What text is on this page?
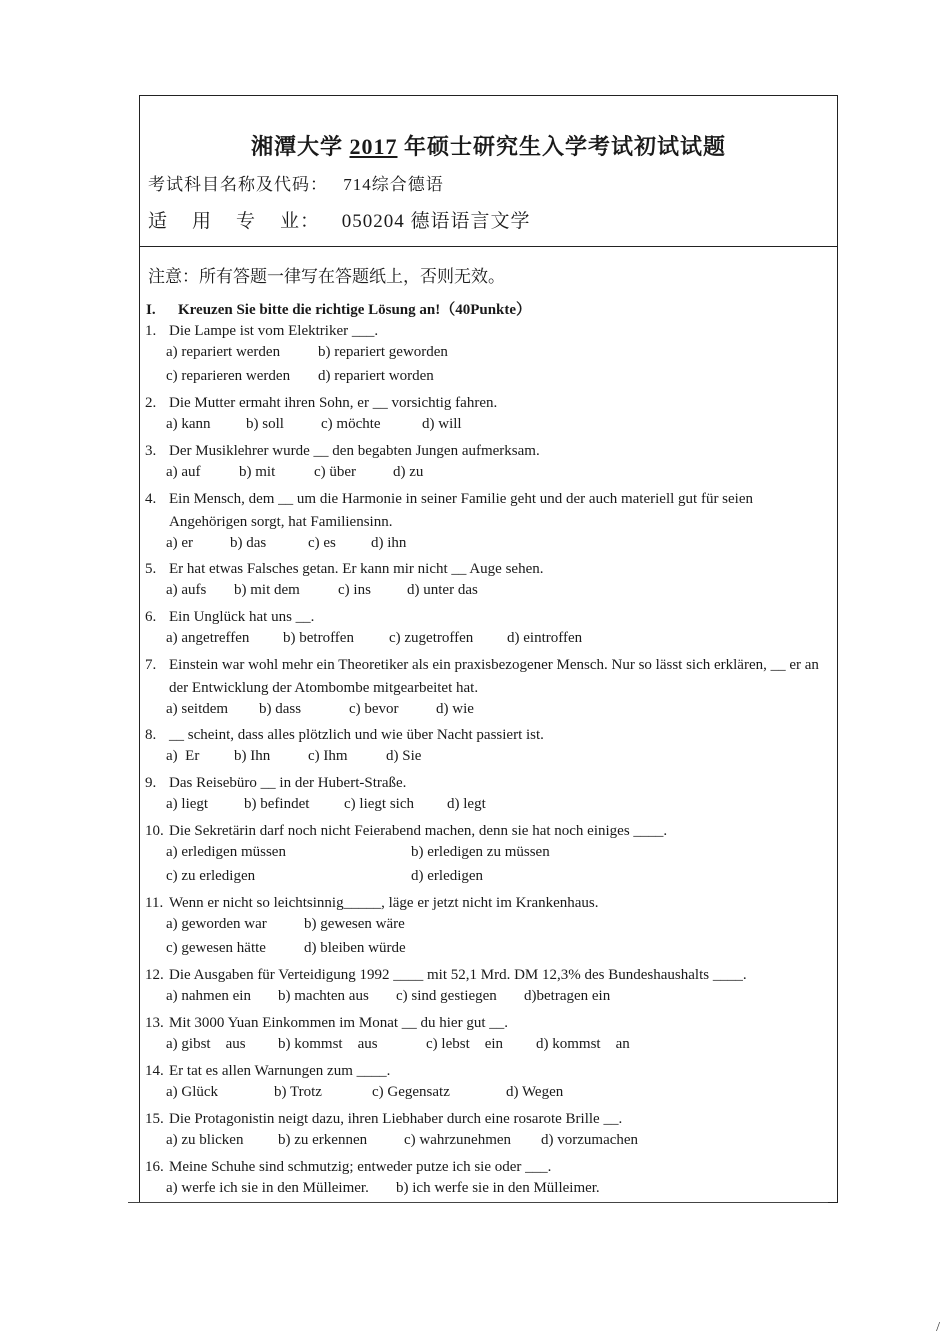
湘潭大学 2017 年硕士研究生入学考试初试试题
考试科目名称及代码： 714综合德语
适 用 专 业： 050204 德语语言文学
注意：所有答题一律写在答题纸上，否则无效。
I. Kreuzen Sie bitte die richtige Lösung an!（40Punkte）
1. Die Lampe ist vom Elektriker ___.
a) repariert werden	b) repariert geworden
c) reparieren werden d) repariert worden
2. Die Mutter ermaht ihren Sohn, er __ vorsichtig fahren.
a) kann b) soll c) möchte	d) will
3. Der Musiklehrer wurde __ den begabten Jungen aufmerksam.
a) auf	b) mit	c) über d) zu
4. Ein Mensch, dem __ um die Harmonie in seiner Familie geht und der auch materiell gut für seien Angehörigen sorgt, hat Familiensinn.
a) er b) das	c) es d) ihn
5. Er hat etwas Falsches getan. Er kann mir nicht __ Auge sehen.
a) aufs b) mit dem	c) ins d) unter das
6. Ein Unglück hat uns __.
a) angetreffen b) betroffen c) zugetroffen d) eintroffen
7. Einstein war wohl mehr ein Theoretiker als ein praxisbezogener Mensch. Nur so lässt sich erklären, __ er an der Entwicklung der Atombombe mitgearbeitet hat.
a) seitdem b) dass	c) bevor d) wie
8. __ scheint, dass alles plötzlich und wie über Nacht passiert ist.
a)  Er b) Ihn	c) Ihm	d) Sie
9. Das Reisebüro __ in der Hubert-Straße.
a) liegt b) befindet c) liegt sich d) legt
10. Die Sekretärin darf noch nicht Feierabend machen, denn sie hat noch einiges ____.
a) erledigen müssen	b) erledigen zu müssen
c) zu erledigen	d) erledigen
11. Wenn er nicht so leichtsinnig_____, läge er jetzt nicht im Krankenhaus.
a) geworden war b) gewesen wäre
c) gewesen hätte	d) bleiben würde
12. Die Ausgaben für Verteidigung 1992 ____ mit 52,1 Mrd. DM 12,3% des Bundeshaushalts ____.
a) nahmen ein b) machten aus c) sind gestiegen d)betragen ein
13. Mit 3000 Yuan Einkommen im Monat __ du hier gut __.
a) gibst    aus b) kommst    aus	c) lebst    ein d) kommst    an
14. Er tat es allen Warnungen zum ____.
a) Glück	b) Trotz	c) Gegensatz	d) Wegen
15. Die Protagonistin neigt dazu, ihren Liebhaber durch eine rosarote Brille __.
a) zu blicken b) zu erkennen c) wahrzunehmen d) vorzumachen
16. Meine Schuhe sind schmutzig; entweder putze ich sie oder ___.
a) werfe ich sie in den Mülleimer. b) ich werfe sie in den Mülleimer.
/
